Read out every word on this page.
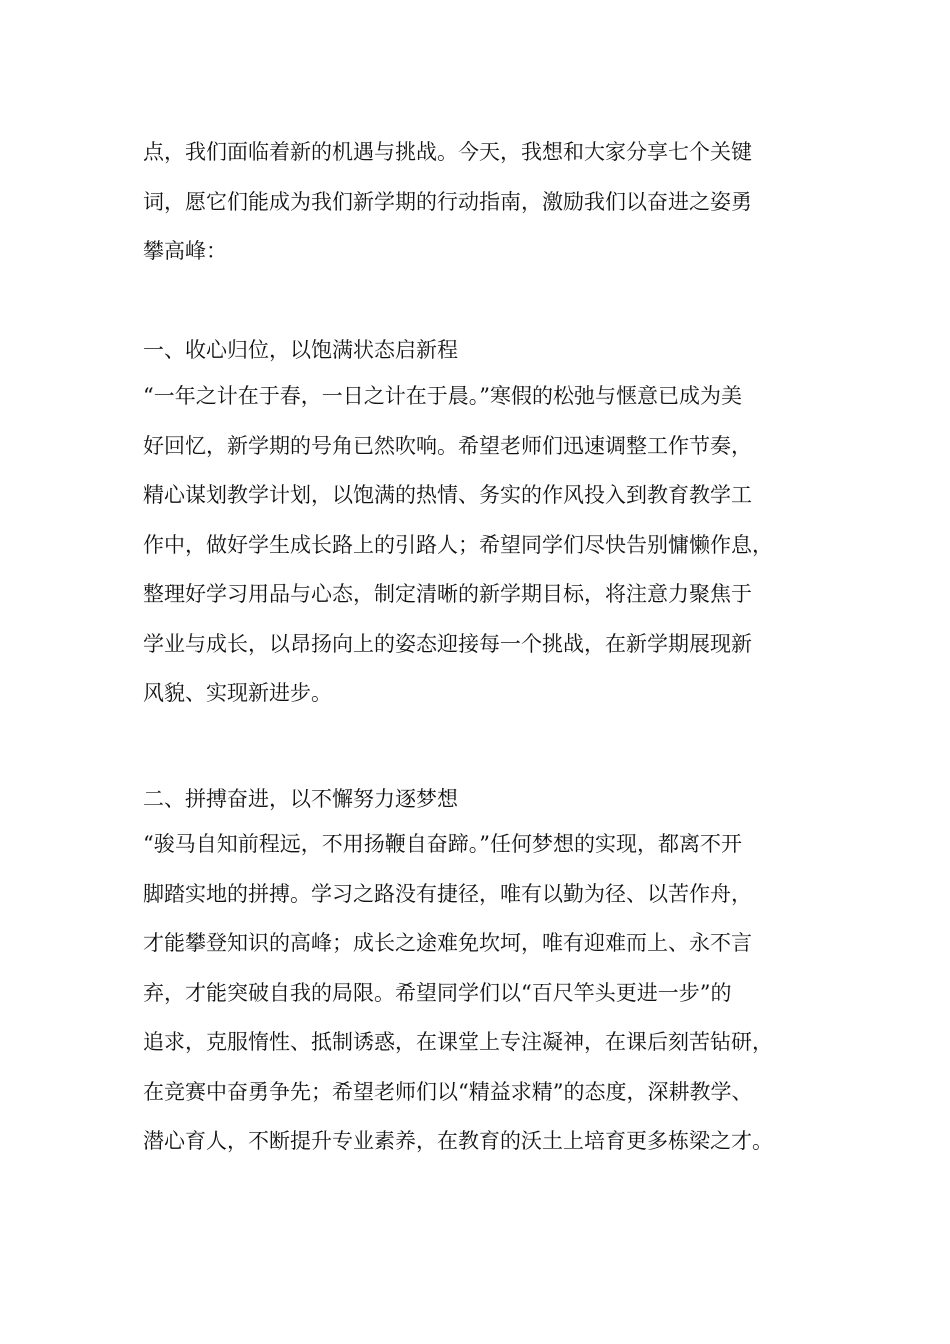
点，我们面临着新的机遇与挑战。今天，我想和大家分享七个关键
词，愿它们能成为我们新学期的行动指南，激励我们以奋进之姿勇
攀高峰：
一、收心归位，以饱满状态启新程
“一年之计在于春，一日之计在于晨。”寒假的松弛与惬意已成为美
好回忆，新学期的号角已然吹响。希望老师们迅速调整工作节奏，
精心谋划教学计划，以饱满的热情、务实的作风投入到教育教学工
作中，做好学生成长路上的引路人；希望同学们尽快告别慵懒作息，
整理好学习用品与心态，制定清晰的新学期目标，将注意力聚焦于
学业与成长，以昂扬向上的姿态迎接每一个挑战，在新学期展现新
风貌、实现新进步。
二、拼搏奋进，以不懈努力逐梦想
“骏马自知前程远，不用扬鞭自奋蹄。”任何梦想的实现，都离不开
脚踏实地的拼搏。学习之路没有捷径，唯有以勤为径、以苦作舟，
才能攀登知识的高峰；成长之途难免坎坷，唯有迎难而上、永不言
弃，才能突破自我的局限。希望同学们以“百尺竿头更进一步”的
追求，克服惰性、抵制诱惑，在课堂上专注凝神，在课后刻苦钻研，
在竞赛中奋勇争先；希望老师们以“精益求精”的态度，深耕教学、
潜心育人，不断提升专业素养，在教育的沃土上培育更多栋梁之才。
